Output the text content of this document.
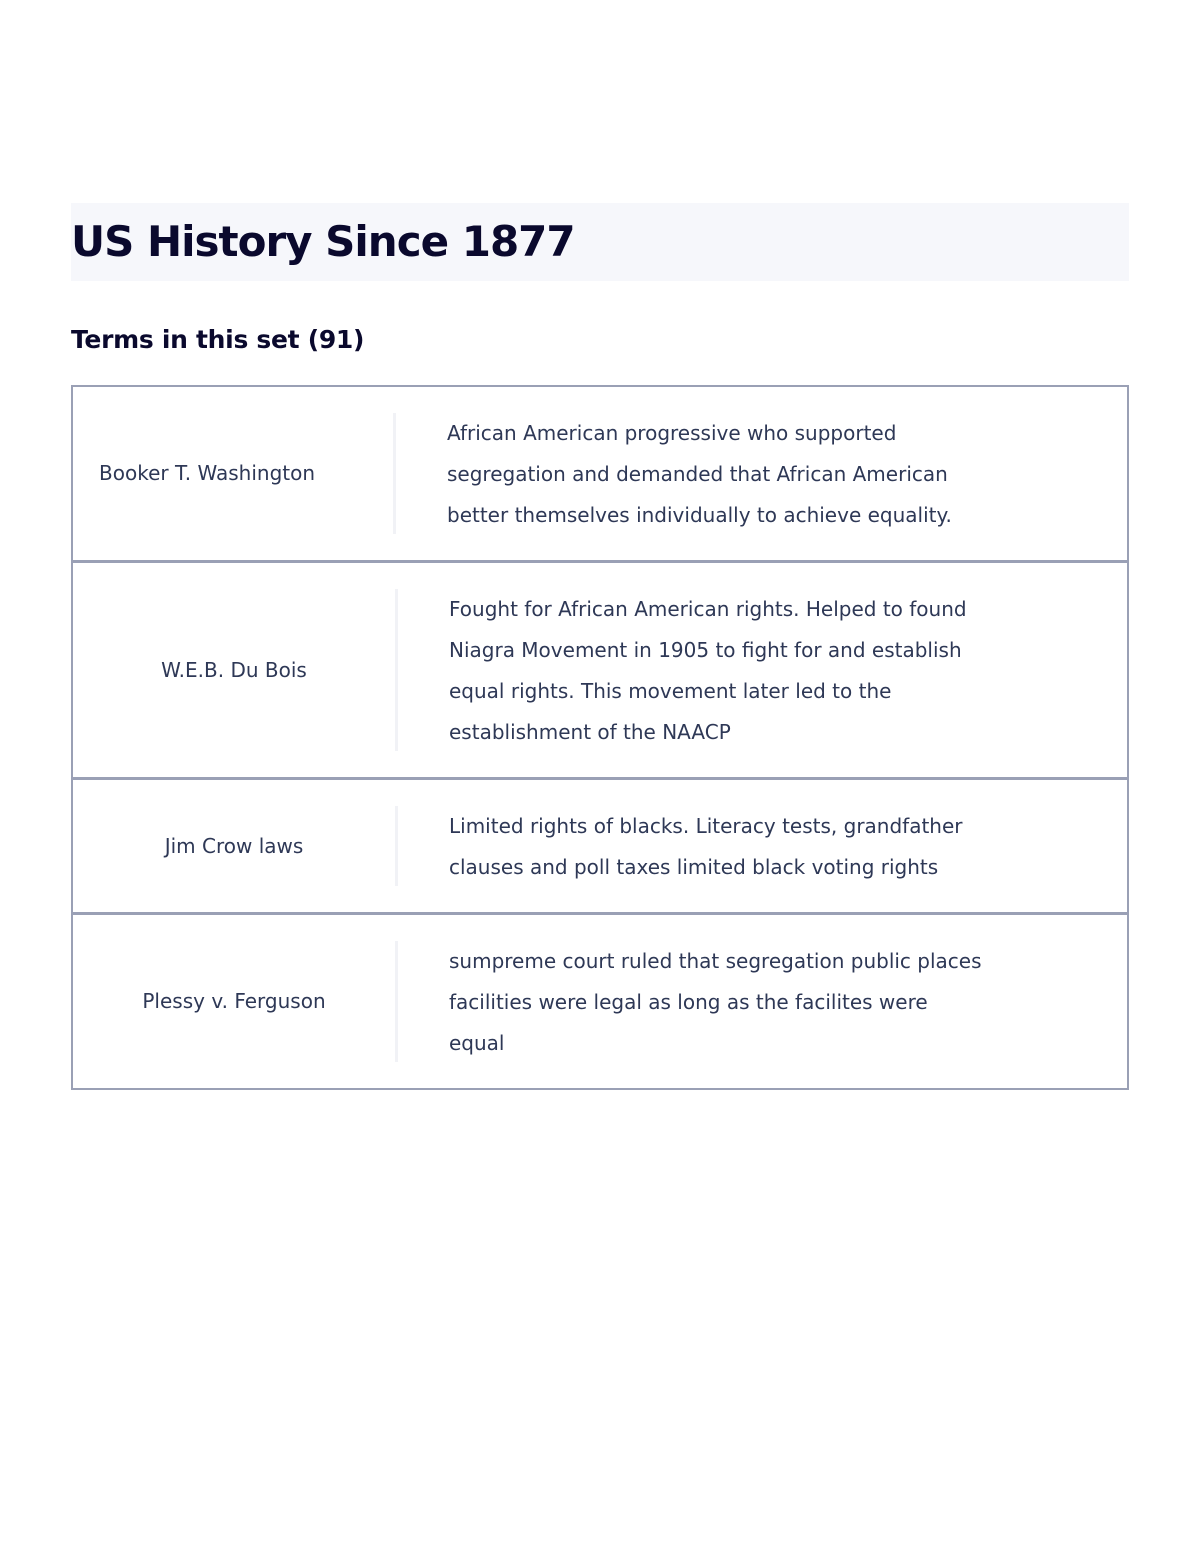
US History Since 1877
Terms in this set (91)
Booker T. Washington
African American progressive who supported segregation and demanded that African American better themselves individually to achieve equality.
W.E.B. Du Bois
Fought for African American rights. Helped to found Niagra Movement in 1905 to fight for and establish equal rights. This movement later led to the establishment of the NAACP
Jim Crow laws
Limited rights of blacks. Literacy tests, grandfather clauses and poll taxes limited black voting rights
Plessy v. Ferguson
sumpreme court ruled that segregation public places facilities were legal as long as the facilites were equal
